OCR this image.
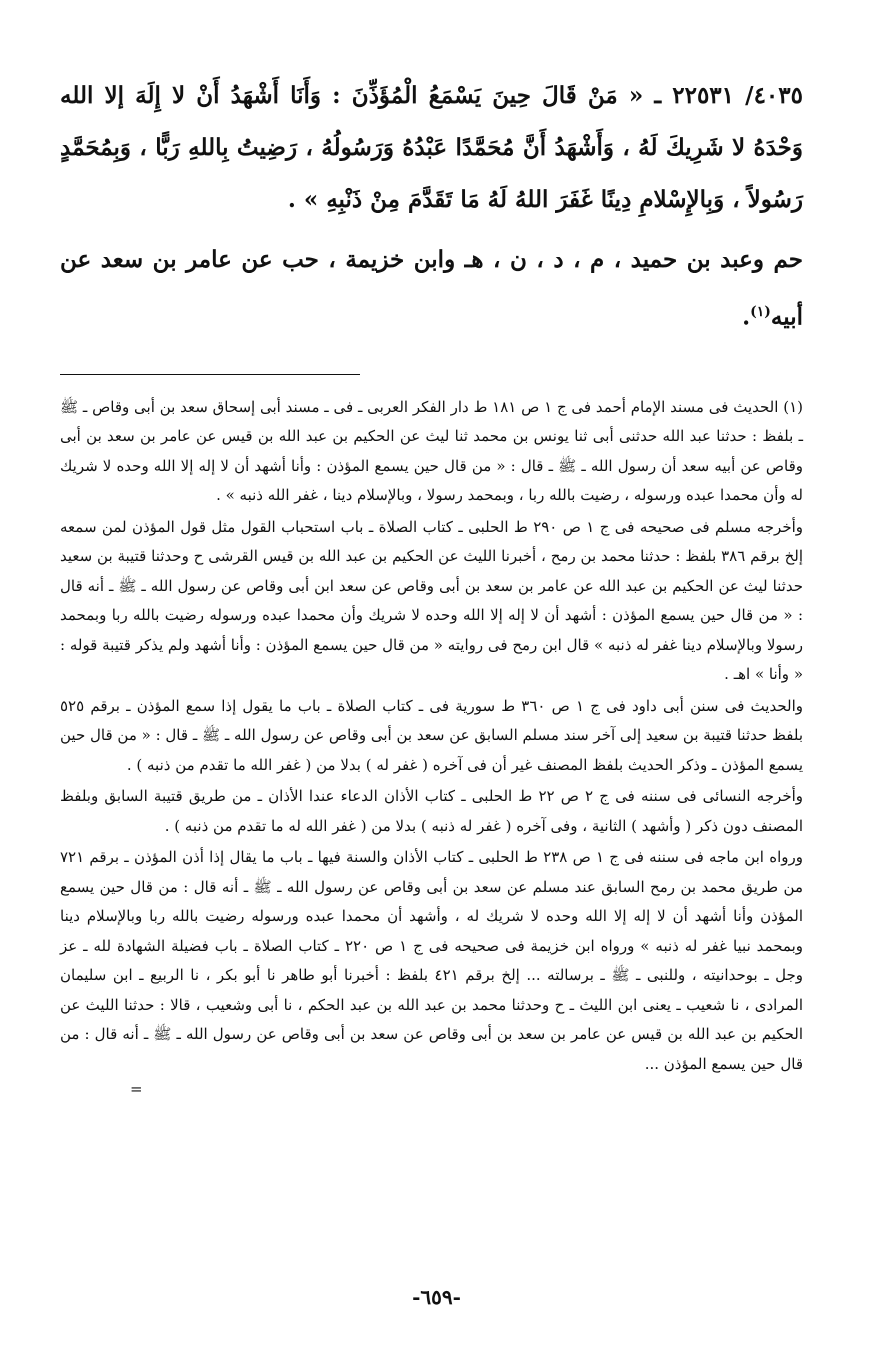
٤٠٣٥/ ٢٢٥٣١ ـ « مَنْ قَالَ حِينَ يَسْمَعُ الْمُؤَذِّنَ : وَأَنَا أَشْهَدُ أَنْ لا إِلَهَ إلا الله وَحْدَهُ لا شَرِيكَ لَهُ ، وَأَشْهَدُ أَنَّ مُحَمَّدًا عَبْدُهُ وَرَسُولُهُ ، رَضِيتُ بِاللهِ رَبًّا ، وَبِمُحَمَّدٍ رَسُولاً ، وَبِالإِسْلامِ دِينًا غَفَرَ اللهُ لَهُ مَا تَقَدَّمَ مِنْ ذَنْبِهِ » .

حم وعبد بن حميد ، م ، د ، ن ، هـ وابن خزيمة ، حب عن عامر بن سعد عن أبيه$^{(١)}$.

(١) الحديث فى مسند الإمام أحمد فى ج ١ ص ١٨١ ط دار الفكر العربى ـ فى ـ مسند أبى إسحاق سعد بن أبى وقاص ـ ﷺ ـ بلفظ : حدثنا عبد الله حدثنى أبى ثنا يونس بن محمد ثنا ليث عن الحكيم بن عبد الله بن قيس عن عامر بن سعد بن أبى وقاص عن أبيه سعد أن رسول الله ـ ﷺ ـ قال : « من قال حين يسمع المؤذن : وأنا أشهد أن لا إله إلا الله وحده لا شريك له وأن محمدا عبده ورسوله ، رضيت بالله ربا ، وبمحمد رسولا ، وبالإسلام دينا ، غفر الله ذنبه » .

وأخرجه مسلم فى صحيحه فى ج ١ ص ٢٩٠ ط الحلبى ـ كتاب الصلاة ـ باب استحباب القول مثل قول المؤذن لمن سمعه إلخ برقم ٣٨٦ بلفظ : حدثنا محمد بن رمح ، أخبرنا الليث عن الحكيم بن عبد الله بن قيس القرشى ح وحدثنا قتيبة بن سعيد حدثنا ليث عن الحكيم بن عبد الله عن عامر بن سعد بن أبى وقاص عن سعد ابن أبى وقاص عن رسول الله ـ ﷺ ـ أنه قال : « من قال حين يسمع المؤذن : أشهد أن لا إله إلا الله وحده لا شريك وأن محمدا عبده ورسوله رضيت بالله ربا وبمحمد رسولا وبالإسلام دينا غفر له ذنبه » قال ابن رمح فى روايته « من قال حين يسمع المؤذن : وأنا أشهد ولم يذكر قتيبة قوله : « وأنا » اهـ .

والحديث فى سنن أبى داود فى ج ١ ص ٣٦٠ ط سورية فى ـ كتاب الصلاة ـ باب ما يقول إذا سمع المؤذن ـ برقم ٥٢٥ بلفظ حدثنا قتيبة بن سعيد إلى آخر سند مسلم السابق عن سعد بن أبى وقاص عن رسول الله ـ ﷺ ـ قال : « من قال حين يسمع المؤذن ـ وذكر الحديث بلفظ المصنف غير أن فى آخره ( غفر له ) بدلا من ( غفر الله ما تقدم من ذنبه ) .

وأخرجه النسائى فى سننه فى ج ٢ ص ٢٢ ط الحلبى ـ كتاب الأذان الدعاء عندا الأذان ـ من طريق قتيبة السابق وبلفظ المصنف دون ذكر ( وأشهد ) الثانية ، وفى آخره ( غفر له ذنبه ) بدلا من ( غفر الله له ما تقدم من ذنبه ) .

ورواه ابن ماجه فى سننه فى ج ١ ص ٢٣٨ ط الحلبى ـ كتاب الأذان والسنة فيها ـ باب ما يقال إذا أذن المؤذن ـ برقم ٧٢١ من طريق محمد بن رمح السابق عند مسلم عن سعد بن أبى وقاص عن رسول الله ـ ﷺ ـ أنه قال : من قال حين يسمع المؤذن وأنا أشهد أن لا إله إلا الله وحده لا شريك له ، وأشهد أن محمدا عبده ورسوله رضيت بالله ربا وبالإسلام دينا وبمحمد نبيا غفر له ذنبه » ورواه ابن خزيمة فى صحيحه فى ج ١ ص ٢٢٠ ـ كتاب الصلاة ـ باب فضيلة الشهادة لله ـ عز وجل ـ بوحدانيته ، وللنبى ـ ﷺ ـ برسالته ... إلخ برقم ٤٢١ بلفظ : أخبرنا أبو طاهر نا أبو بكر ، نا الربيع ـ ابن سليمان المرادى ، نا شعيب ـ يعنى ابن الليث ـ ح وحدثنا محمد بن عبد الله بن عبد الحكم ، نا أبى وشعيب ، قالا : حدثنا الليث عن الحكيم بن عبد الله بن قيس عن عامر بن سعد بن أبى وقاص عن سعد بن أبى وقاص عن رسول الله ـ ﷺ ـ أنه قال : من قال حين يسمع المؤذن ...

=

-٦٥٩-
